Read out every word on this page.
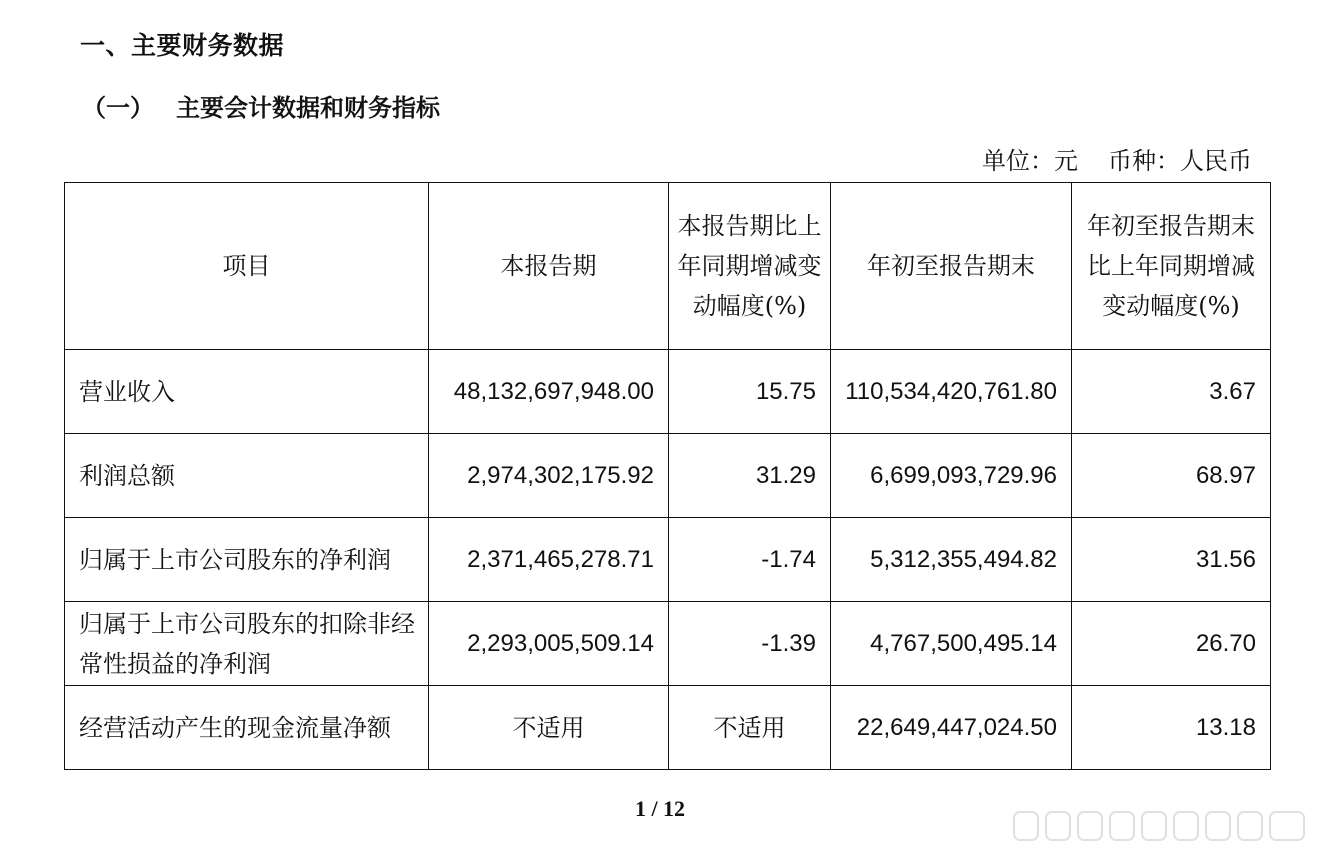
一、主要财务数据
（一） 主要会计数据和财务指标
单位：元 币种：人民币
项目	本报告期	本报告期比上年同期增减变动幅度(%)	年初至报告期末	年初至报告期末比上年同期增减变动幅度(%)
营业收入	48,132,697,948.00	15.75	110,534,420,761.80	3.67
利润总额	2,974,302,175.92	31.29	6,699,093,729.96	68.97
归属于上市公司股东的净利润	2,371,465,278.71	-1.74	5,312,355,494.82	31.56
归属于上市公司股东的扣除非经常性损益的净利润	2,293,005,509.14	-1.39	4,767,500,495.14	26.70
经营活动产生的现金流量净额	不适用	不适用	22,649,447,024.50	13.18
1 / 12
